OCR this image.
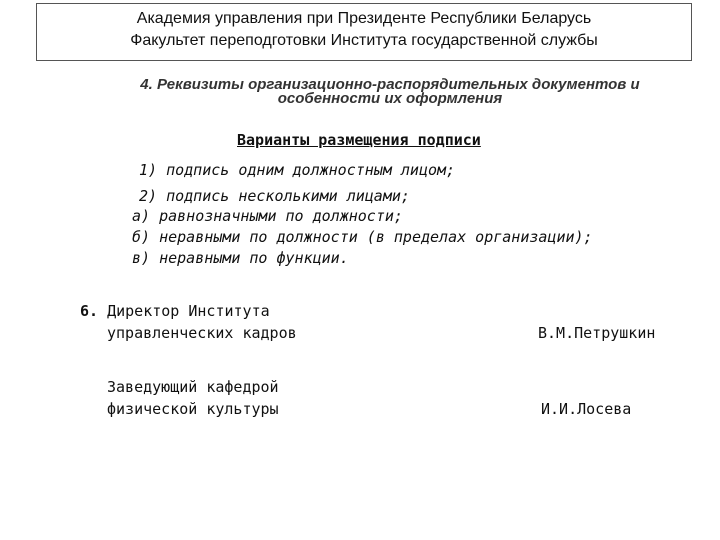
Академия управления при Президенте Республики Беларусь
Факультет переподготовки Института государственной службы
4. Реквизиты организационно-распорядительных документов и
особенности их оформления
Варианты размещения подписи
1) подпись одним должностным лицом;
2) подпись несколькими лицами;
а) равнозначными по должности;
б) неравными по должности (в пределах организации);
в) неравными по функции.
6. Директор Института
управленческих кадров	В.М.Петрушкин
Заведующий кафедрой
физической культуры	И.И.Лосева
